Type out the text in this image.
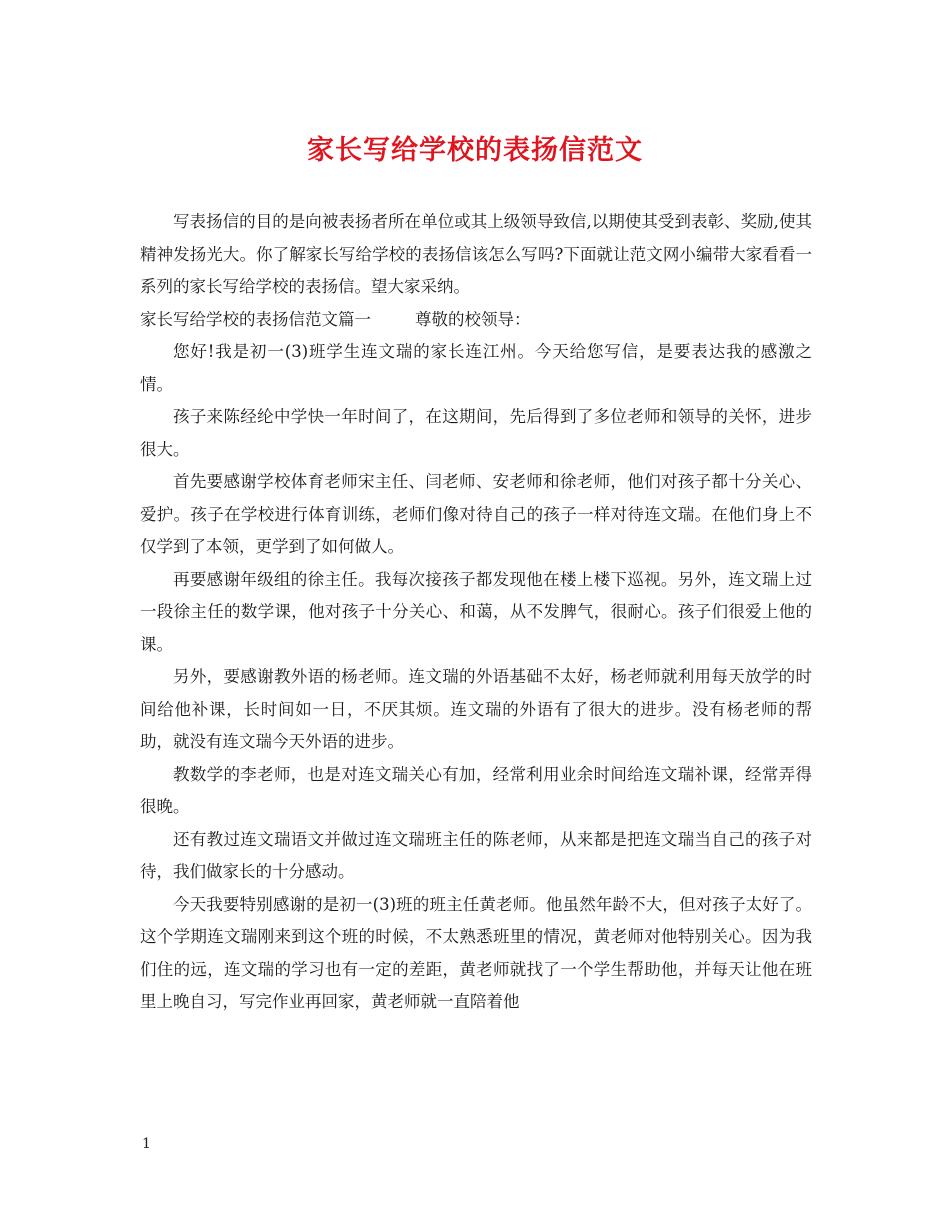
家长写给学校的表扬信范文

写表扬信的目的是向被表扬者所在单位或其上级领导致信,以期使其受到表彰、奖励,使其精神发扬光大。你了解家长写给学校的表扬信该怎么写吗?下面就让范文网小编带大家看看一系列的家长写给学校的表扬信。望大家采纳。

家长写给学校的表扬信范文篇一	尊敬的校领导：

您好!我是初一(3)班学生连文瑞的家长连江州。今天给您写信，是要表达我的感激之情。

孩子来陈经纶中学快一年时间了，在这期间，先后得到了多位老师和领导的关怀，进步很大。

首先要感谢学校体育老师宋主任、闫老师、安老师和徐老师，他们对孩子都十分关心、爱护。孩子在学校进行体育训练，老师们像对待自己的孩子一样对待连文瑞。在他们身上不仅学到了本领，更学到了如何做人。

再要感谢年级组的徐主任。我每次接孩子都发现他在楼上楼下巡视。另外，连文瑞上过一段徐主任的数学课，他对孩子十分关心、和蔼，从不发脾气，很耐心。孩子们很爱上他的课。

另外，要感谢教外语的杨老师。连文瑞的外语基础不太好，杨老师就利用每天放学的时间给他补课，长时间如一日，不厌其烦。连文瑞的外语有了很大的进步。没有杨老师的帮助，就没有连文瑞今天外语的进步。

教数学的李老师，也是对连文瑞关心有加，经常利用业余时间给连文瑞补课，经常弄得很晚。

还有教过连文瑞语文并做过连文瑞班主任的陈老师，从来都是把连文瑞当自己的孩子对待，我们做家长的十分感动。

今天我要特别感谢的是初一(3)班的班主任黄老师。他虽然年龄不大，但对孩子太好了。这个学期连文瑞刚来到这个班的时候，不太熟悉班里的情况，黄老师对他特别关心。因为我们住的远，连文瑞的学习也有一定的差距，黄老师就找了一个学生帮助他，并每天让他在班里上晚自习，写完作业再回家，黄老师就一直陪着他

1
